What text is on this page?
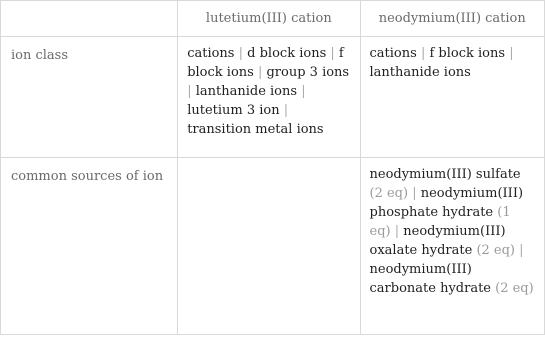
	lutetium(III) cation	neodymium(III) cation
ion class	cations | d block ions | f block ions | group 3 ions | lanthanide ions | lutetium 3 ion | transition metal ions	cations | f block ions | lanthanide ions
common sources of ion		neodymium(III) sulfate (2 eq) | neodymium(III) phosphate hydrate (1 eq) | neodymium(III) oxalate hydrate (2 eq) | neodymium(III) carbonate hydrate (2 eq)
